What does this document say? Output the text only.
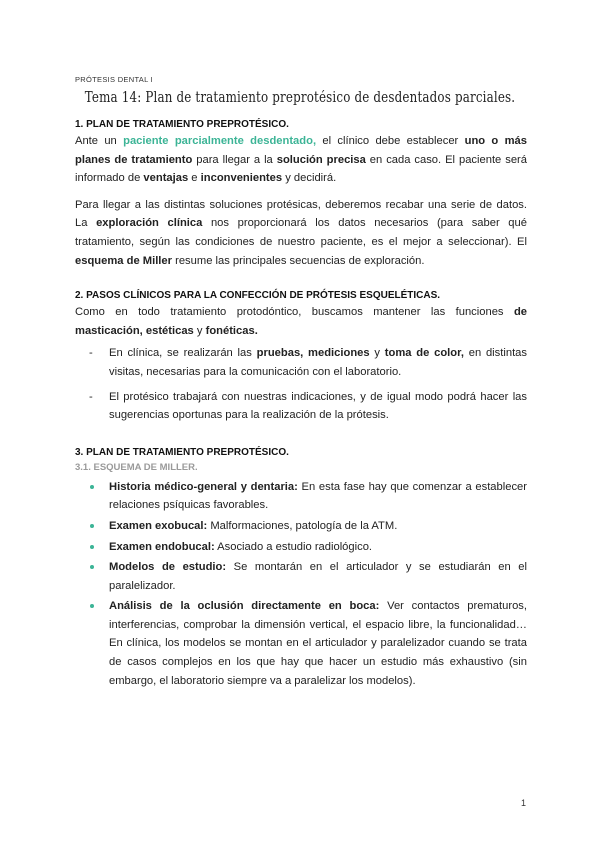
PRÓTESIS DENTAL I
Tema 14: Plan de tratamiento preprotésico de desdentados parciales.
1. PLAN DE TRATAMIENTO PREPROTÉSICO.

Ante un paciente parcialmente desdentado, el clínico debe establecer uno o más planes de tratamiento para llegar a la solución precisa en cada caso. El paciente será informado de ventajas e inconvenientes y decidirá.

Para llegar a las distintas soluciones protésicas, deberemos recabar una serie de datos. La exploración clínica nos proporcionará los datos necesarios (para saber qué tratamiento, según las condiciones de nuestro paciente, es el mejor a seleccionar). El esquema de Miller resume las principales secuencias de exploración.

2. PASOS CLÍNICOS PARA LA CONFECCIÓN DE PRÓTESIS ESQUELÉTICAS.

Como en todo tratamiento protodóntico, buscamos mantener las funciones de masticación, estéticas y fonéticas.

- En clínica, se realizarán las pruebas, mediciones y toma de color, en distintas visitas, necesarias para la comunicación con el laboratorio.
- El protésico trabajará con nuestras indicaciones, y de igual modo podrá hacer las sugerencias oportunas para la realización de la prótesis.
3. PLAN DE TRATAMIENTO PREPROTÉSICO.
3.1. ESQUEMA DE MILLER.
Historia médico-general y dentaria: En esta fase hay que comenzar a establecer relaciones psíquicas favorables.
Examen exobucal: Malformaciones, patología de la ATM.
Examen endobucal: Asociado a estudio radiológico.
Modelos de estudio: Se montarán en el articulador y se estudiarán en el paralelizador.
Análisis de la oclusión directamente en boca: Ver contactos prematuros, interferencias, comprobar la dimensión vertical, el espacio libre, la funcionalidad… En clínica, los modelos se montan en el articulador y paralelizador cuando se trata de casos complejos en los que hay que hacer un estudio más exhaustivo (sin embargo, el laboratorio siempre va a paralelizar los modelos).
1
